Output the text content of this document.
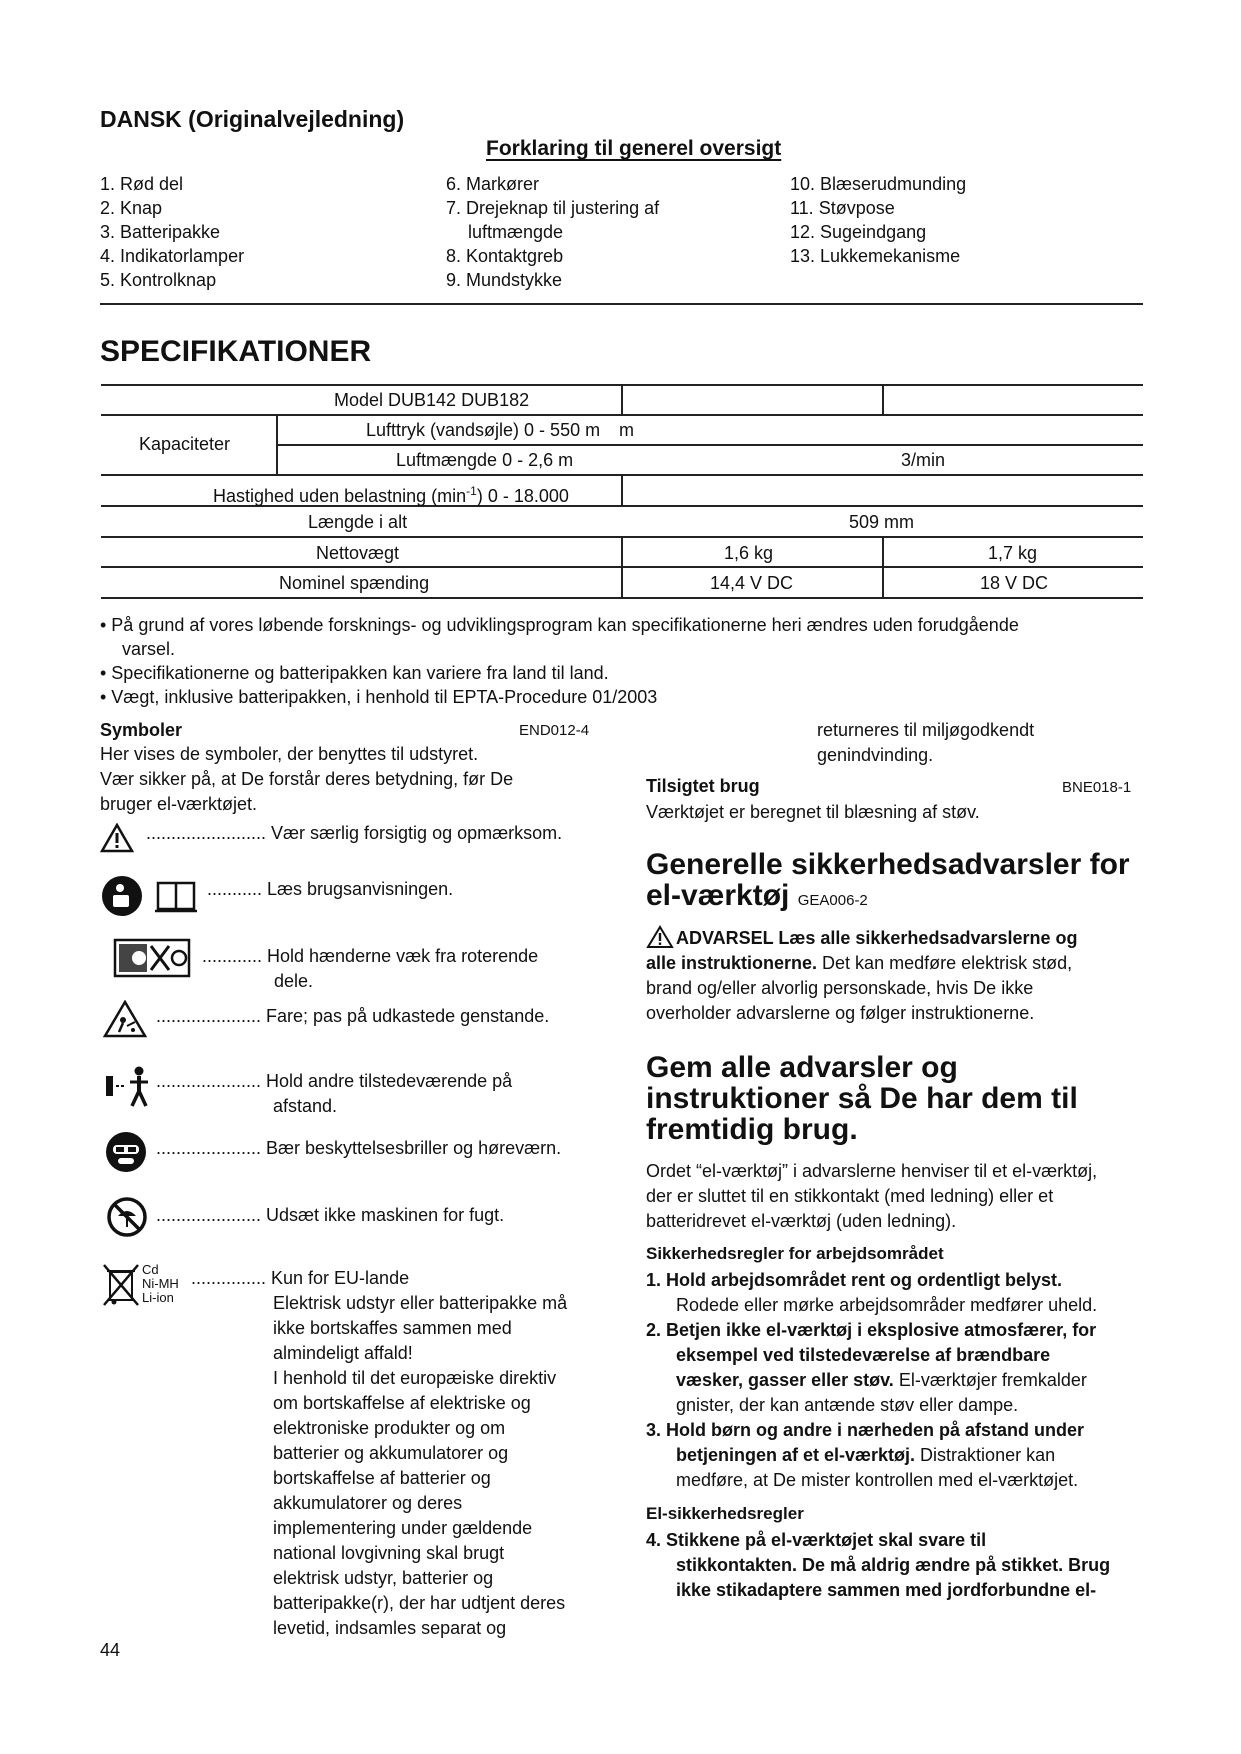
DANSK (Originalvejledning)
Forklaring til generel oversigt
1. Rød del
2. Knap
3. Batteripakke
4. Indikatorlamper
5. Kontrolknap
6. Markører
7. Drejeknap til justering af
luftmængde
8. Kontaktgreb
9. Mundstykke
10. Blæserudmunding
11. Støvpose
12. Sugeindgang
13. Lukkemekanisme
SPECIFIKATIONER
Model DUB142 DUB182
Kapaciteter
Lufttryk (vandsøjle) 0 - 550 m m
Luftmængde 0 - 2,6 m	3/min
Hastighed uden belastning $(\min^{-1})$ 0 - 18.000
Længde i alt	509 mm
Nettovægt	1,6 kg	1,7 kg
Nominel spænding	14,4 V DC	18 V DC
• På grund af vores løbende forsknings- og udviklingsprogram kan specifikationerne heri ændres uden forudgående
varsel.
• Specifikationerne og batteripakken kan variere fra land til land.
• Vægt, inklusive batteripakken, i henhold til EPTA-Procedure 01/2003
Symboler	END012-4
Her vises de symboler, der benyttes til udstyret.
Vær sikker på, at De forstår deres betydning, før De
bruger el-værktøjet.
........................ Vær særlig forsigtig og opmærksom.
........... Læs brugsanvisningen.
............ Hold hænderne væk fra roterende
dele.
..................... Fare; pas på udkastede genstande.
..................... Hold andre tilstedeværende på
afstand.
..................... Bær beskyttelsesbriller og høreværn.
..................... Udsæt ikke maskinen for fugt.
Cd
Ni-MH
Li-ion
............... Kun for EU-lande
Elektrisk udstyr eller batteripakke må
ikke bortskaffes sammen med
almindeligt affald!
I henhold til det europæiske direktiv
om bortskaffelse af elektriske og
elektroniske produkter og om
batterier og akkumulatorer og
bortskaffelse af batterier og
akkumulatorer og deres
implementering under gældende
national lovgivning skal brugt
elektrisk udstyr, batterier og
batteripakke(r), der har udtjent deres
levetid, indsamles separat og
44
returneres til miljøgodkendt
genindvinding.
Tilsigtet brug	BNE018-1
Værktøjet er beregnet til blæsning af støv.
Generelle sikkerhedsadvarsler for
el-værktøj GEA006-2
ADVARSEL Læs alle sikkerhedsadvarslerne og
alle instruktionerne. Det kan medføre elektrisk stød,
brand og/eller alvorlig personskade, hvis De ikke
overholder advarslerne og følger instruktionerne.
Gem alle advarsler og
instruktioner så De har dem til
fremtidig brug.
Ordet “el-værktøj” i advarslerne henviser til et el-værktøj,
der er sluttet til en stikkontakt (med ledning) eller et
batteridrevet el-værktøj (uden ledning).
Sikkerhedsregler for arbejdsområdet
1. Hold arbejdsområdet rent og ordentligt belyst.
Rodede eller mørke arbejdsområder medfører uheld.
2. Betjen ikke el-værktøj i eksplosive atmosfærer, for
eksempel ved tilstedeværelse af brændbare
væsker, gasser eller støv. El-værktøjer fremkalder
gnister, der kan antænde støv eller dampe.
3. Hold børn og andre i nærheden på afstand under
betjeningen af et el-værktøj. Distraktioner kan
medføre, at De mister kontrollen med el-værktøjet.
El-sikkerhedsregler
4. Stikkene på el-værktøjet skal svare til
stikkontakten. De må aldrig ændre på stikket. Brug
ikke stikadaptere sammen med jordforbundne el-
